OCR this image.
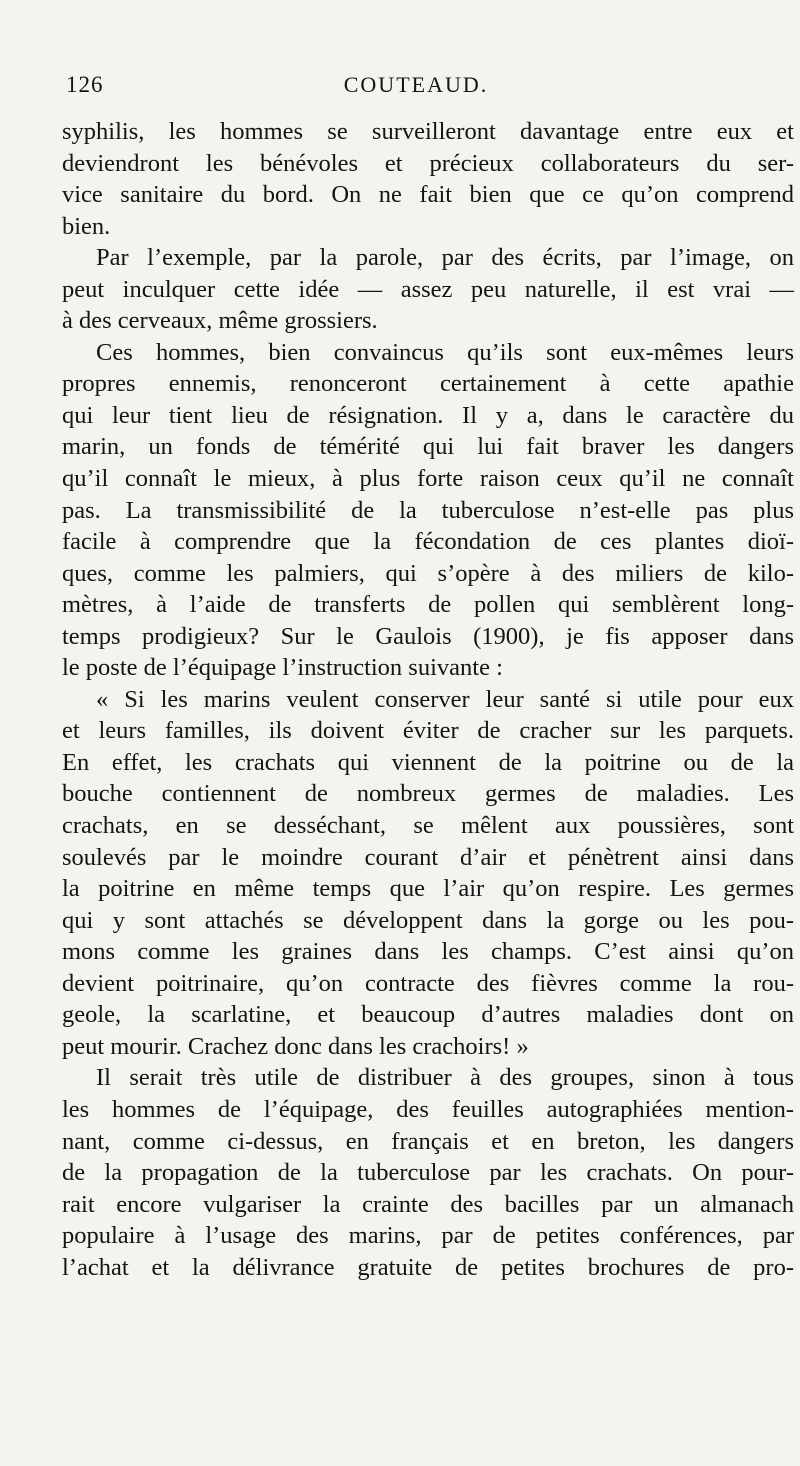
126	COUTEAUD.
syphilis, les hommes se surveilleront davantage entre eux et
deviendront les bénévoles et précieux collaborateurs du ser-
vice sanitaire du bord. On ne fait bien que ce qu’on comprend
bien.
Par l’exemple, par la parole, par des écrits, par l’image, on
peut inculquer cette idée — assez peu naturelle, il est vrai —
à des cerveaux, même grossiers.
Ces hommes, bien convaincus qu’ils sont eux-mêmes leurs
propres ennemis, renonceront certainement à cette apathie
qui leur tient lieu de résignation. Il y a, dans le caractère du
marin, un fonds de témérité qui lui fait braver les dangers
qu’il connaît le mieux, à plus forte raison ceux qu’il ne connaît
pas. La transmissibilité de la tuberculose n’est-elle pas plus
facile à comprendre que la fécondation de ces plantes dioï-
ques, comme les palmiers, qui s’opère à des miliers de kilo-
mètres, à l’aide de transferts de pollen qui semblèrent long-
temps prodigieux? Sur le Gaulois (1900), je fis apposer dans
le poste de l’équipage l’instruction suivante :
« Si les marins veulent conserver leur santé si utile pour eux
et leurs familles, ils doivent éviter de cracher sur les parquets.
En effet, les crachats qui viennent de la poitrine ou de la
bouche contiennent de nombreux germes de maladies. Les
crachats, en se desséchant, se mêlent aux poussières, sont
soulevés par le moindre courant d’air et pénètrent ainsi dans
la poitrine en même temps que l’air qu’on respire. Les germes
qui y sont attachés se développent dans la gorge ou les pou-
mons comme les graines dans les champs. C’est ainsi qu’on
devient poitrinaire, qu’on contracte des fièvres comme la rou-
geole, la scarlatine, et beaucoup d’autres maladies dont on
peut mourir. Crachez donc dans les crachoirs! »
Il serait très utile de distribuer à des groupes, sinon à tous
les hommes de l’équipage, des feuilles autographiées mention-
nant, comme ci-dessus, en français et en breton, les dangers
de la propagation de la tuberculose par les crachats. On pour-
rait encore vulgariser la crainte des bacilles par un almanach
populaire à l’usage des marins, par de petites conférences, par
l’achat et la délivrance gratuite de petites brochures de pro-
